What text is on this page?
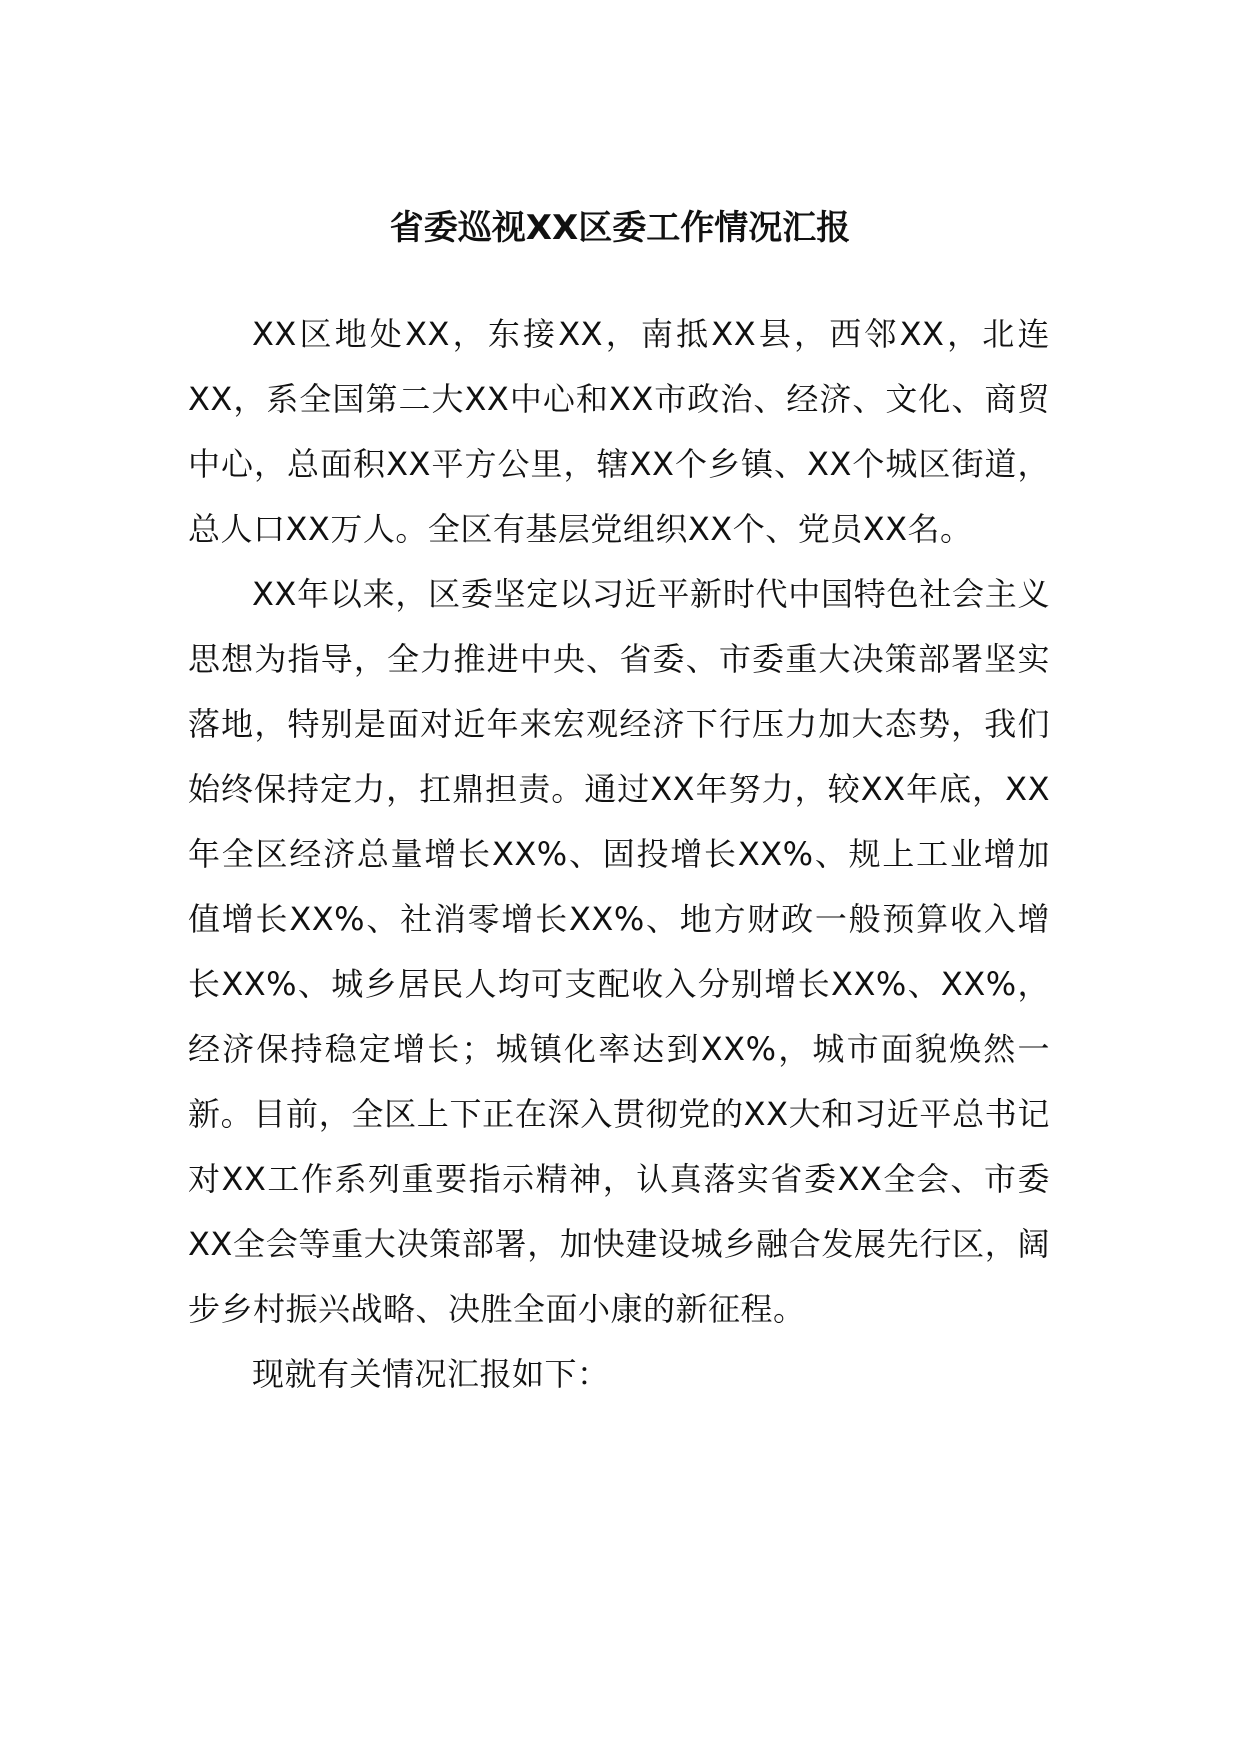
省委巡视XX区委工作情况汇报

XX区地处XX，东接XX，南抵XX县，西邻XX，北连XX，系全国第二大XX中心和XX市政治、经济、文化、商贸中心，总面积XX平方公里，辖XX个乡镇、XX个城区街道，总人口XX万人。全区有基层党组织XX个、党员XX名。

XX年以来，区委坚定以习近平新时代中国特色社会主义思想为指导，全力推进中央、省委、市委重大决策部署坚实落地，特别是面对近年来宏观经济下行压力加大态势，我们始终保持定力，扛鼎担责。通过XX年努力，较XX年底，XX年全区经济总量增长XX%、固投增长XX%、规上工业增加值增长XX%、社消零增长XX%、地方财政一般预算收入增长XX%、城乡居民人均可支配收入分别增长XX%、XX%，经济保持稳定增长；城镇化率达到XX%，城市面貌焕然一新。目前，全区上下正在深入贯彻党的XX大和习近平总书记对XX工作系列重要指示精神，认真落实省委XX全会、市委XX全会等重大决策部署，加快建设城乡融合发展先行区，阔步乡村振兴战略、决胜全面小康的新征程。

现就有关情况汇报如下：
